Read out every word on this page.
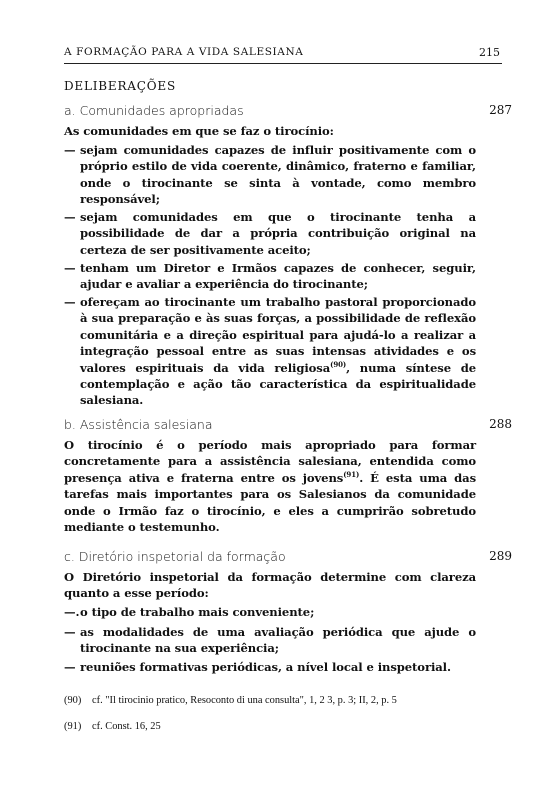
A FORMAÇÃO PARA A VIDA SALESIANA	215
DELIBERAÇÕES
a. Comunidades apropriadas	287
As comunidades em que se faz o tirocínio:
— sejam comunidades capazes de influir positivamente com o próprio estilo de vida coerente, dinâmico, fraterno e familiar, onde o tirocinante se sinta à vontade, como membro responsável;
— sejam comunidades em que o tirocinante tenha a possibilidade de dar a própria contribuição original na certeza de ser positivamente aceito;
— tenham um Diretor e Irmãos capazes de conhecer, seguir, ajudar e avaliar a experiência do tirocinante;
— ofereçam ao tirocinante um trabalho pastoral proporcionado à sua preparação e às suas forças, a possibilidade de reflexão comunitária e a direção espiritual para ajudá-lo a realizar a integração pessoal entre as suas intensas atividades e os valores espirituais da vida religiosa$^{(90)}$, numa síntese de contemplação e ação tão característica da espiritualidade salesiana.
b. Assistência salesiana	288
O tirocínio é o período mais apropriado para formar concretamente para a assistência salesiana, entendida como presença ativa e fraterna entre os jovens$^{(91)}$. É esta uma das tarefas mais importantes para os Salesianos da comunidade onde o Irmão faz o tirocínio, e eles a cumprirão sobretudo mediante o testemunho.
c. Diretório inspetorial da formação	289
O Diretório inspetorial da formação determine com clareza quanto a esse período:
—. o tipo de trabalho mais conveniente;
— as modalidades de uma avaliação periódica que ajude o tirocinante na sua experiência;
— reuniões formativas periódicas, a nível local e inspetorial.
(90) cf. "Il tirocinio pratico, Resoconto di una consulta", 1, 2 3, p. 3; II, 2, p. 5
(91) cf. Const. 16, 25
